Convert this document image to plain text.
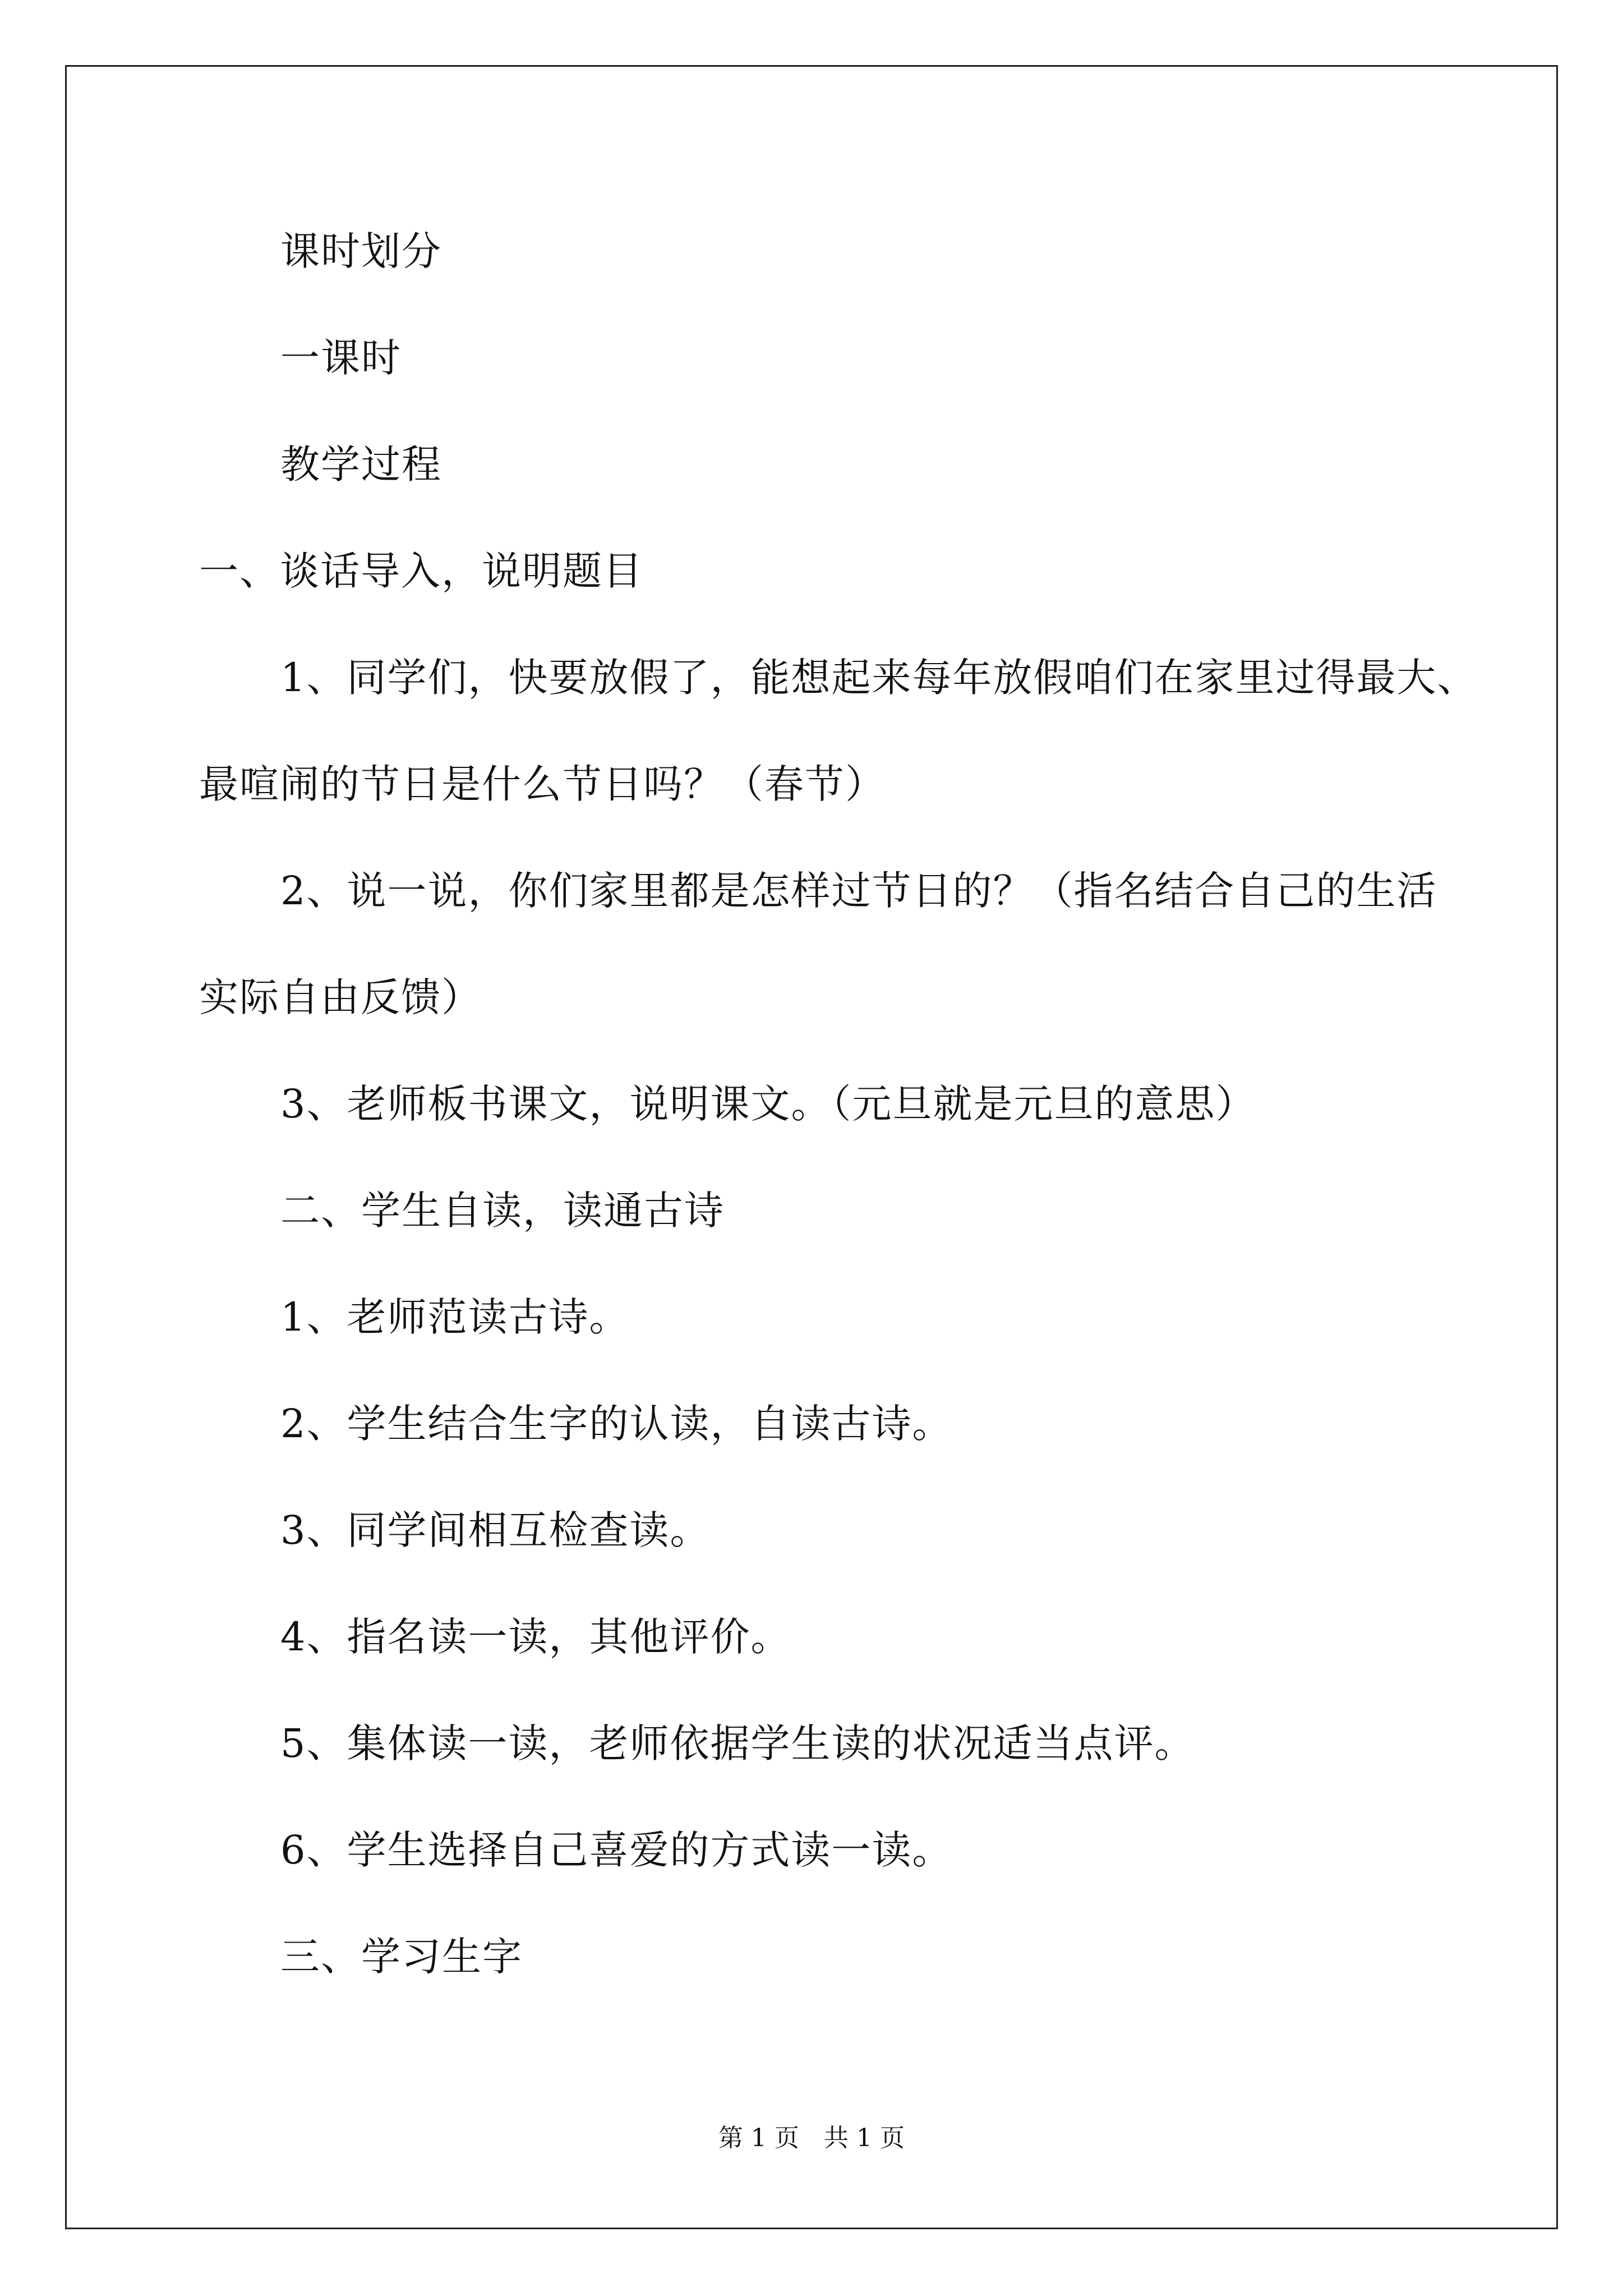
课时划分
一课时
教学过程
一、谈话导入，说明题目
1、同学们，快要放假了，能想起来每年放假咱们在家里过得最大、
最喧闹的节日是什么节日吗？（春节）
2、说一说，你们家里都是怎样过节日的？（指名结合自己的生活
实际自由反馈）
3、老师板书课文，说明课文。（元旦就是元旦的意思）
二、学生自读，读通古诗
1、老师范读古诗。
2、学生结合生字的认读，自读古诗。
3、同学间相互检查读。
4、指名读一读，其他评价。
5、集体读一读，老师依据学生读的状况适当点评。
6、学生选择自己喜爱的方式读一读。
三、学习生字
第 1 页　共 1 页
